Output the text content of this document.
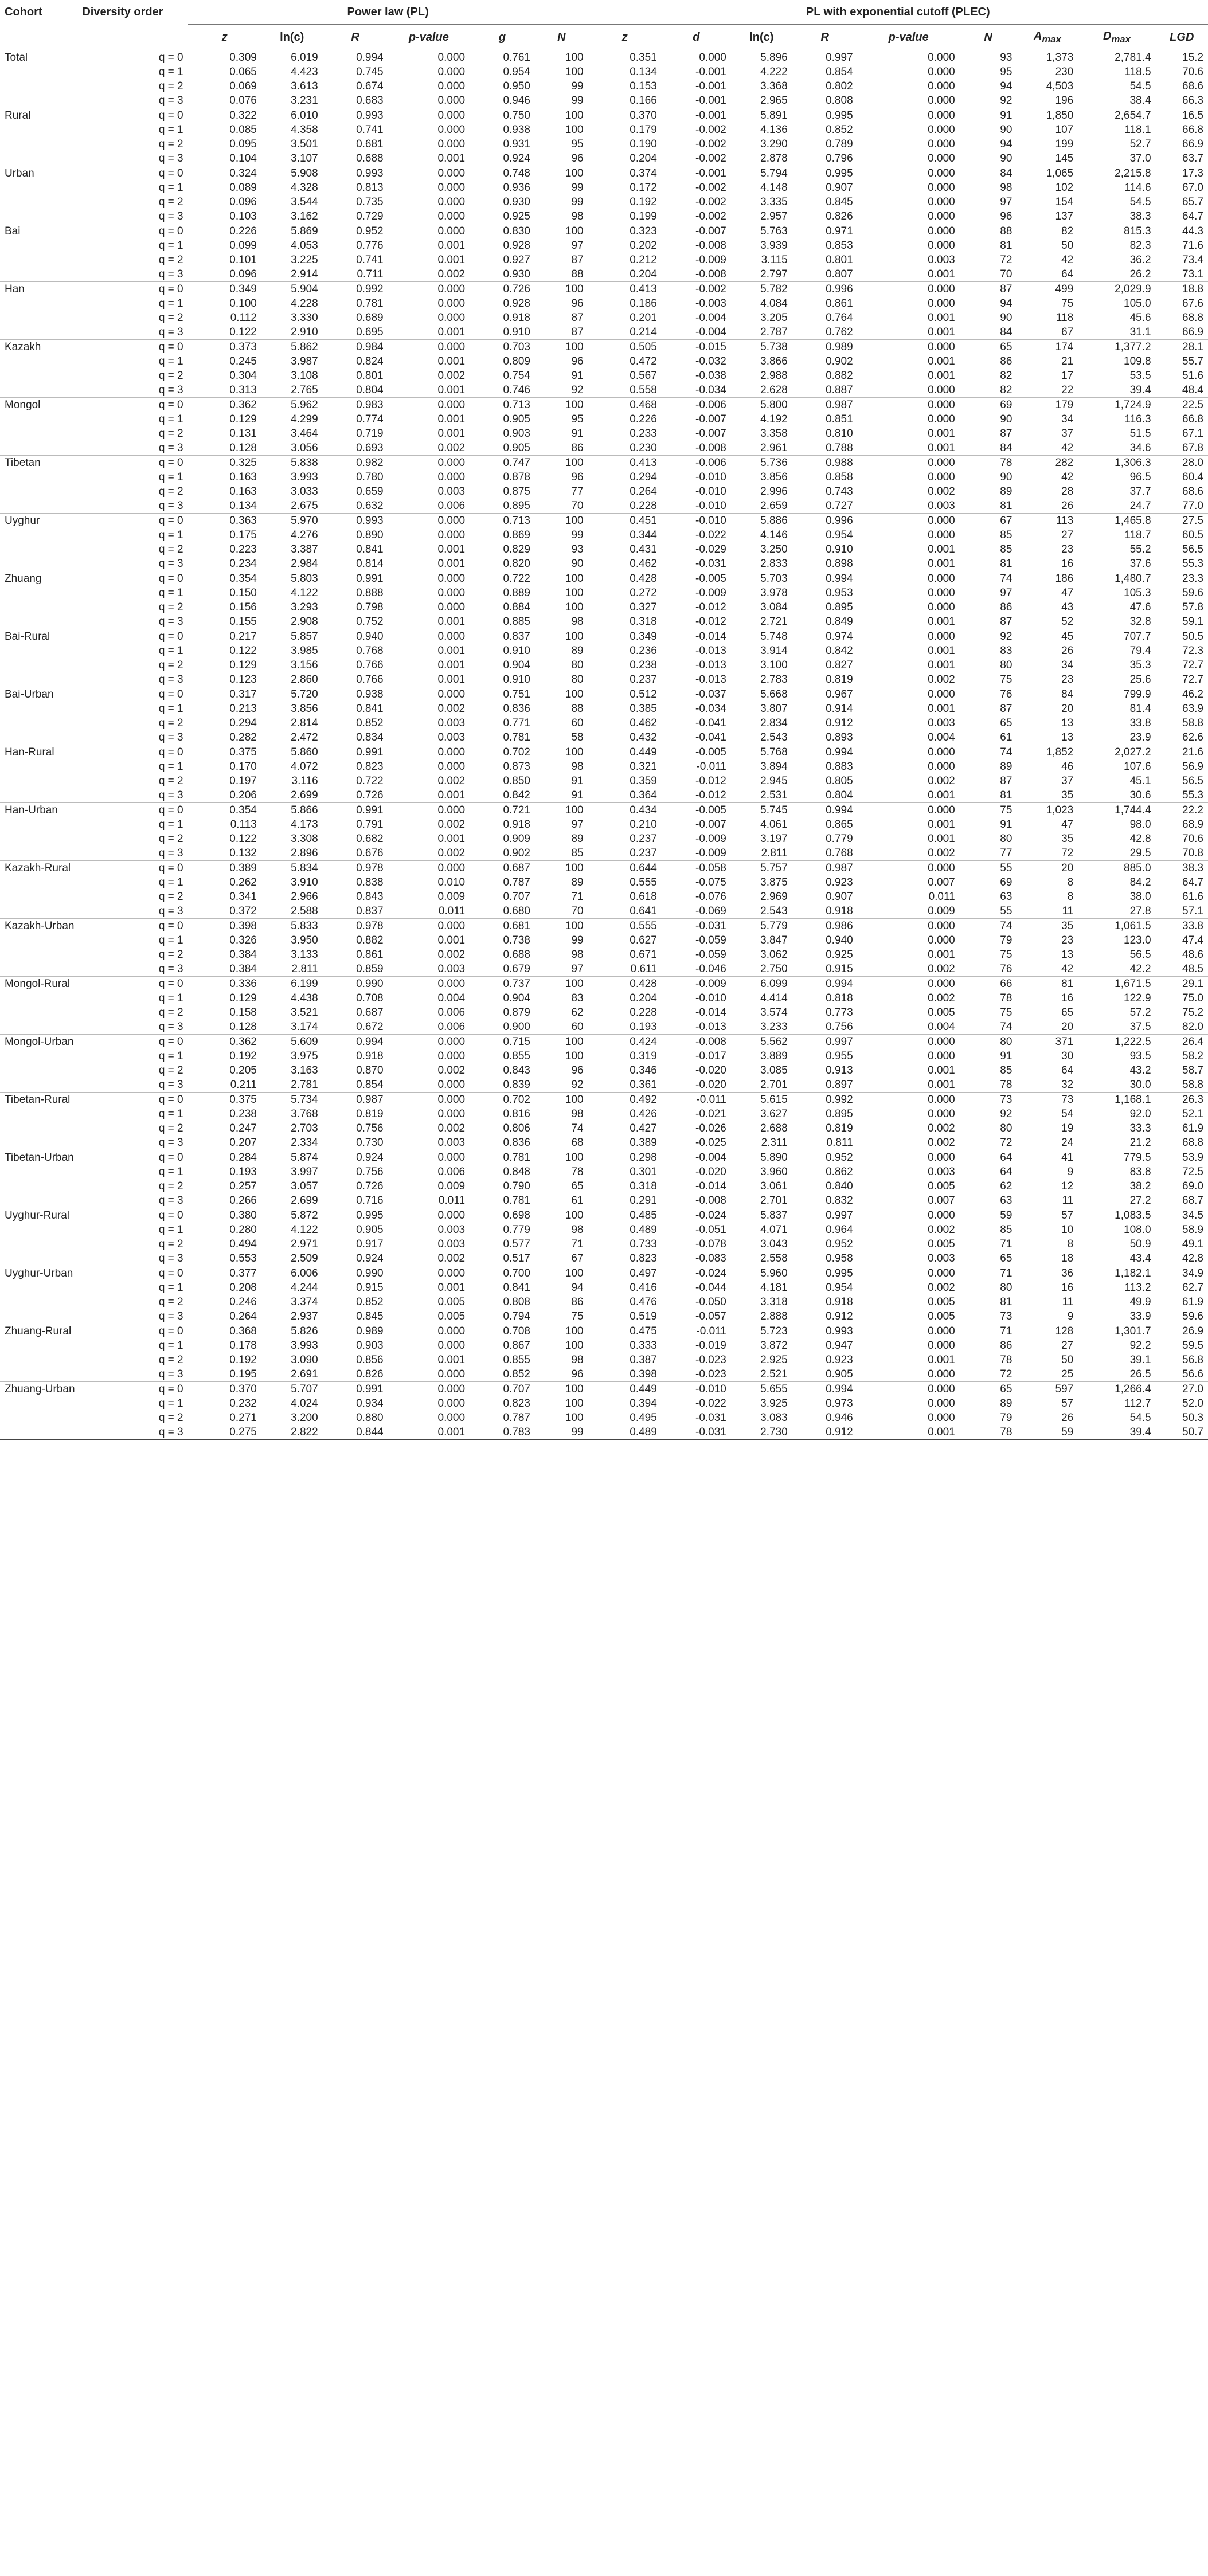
Cohort	Diversity order	Power law (PL)						PL with exponential cutoff (PLEC)								
		z	ln(c)	R	p-value	g	N	z	d	ln(c)	R	p-value	N	$A_{max}$	$D_{max}$	LGD
Total	q = 0	0.309	6.019	0.994	0.000	0.761	100	0.351	0.000	5.896	0.997	0.000	93	1,373	2,781.4	15.2
	q = 1	0.065	4.423	0.745	0.000	0.954	100	0.134	-0.001	4.222	0.854	0.000	95	230	118.5	70.6
	q = 2	0.069	3.613	0.674	0.000	0.950	99	0.153	-0.001	3.368	0.802	0.000	94	4,503	54.5	68.6
	q = 3	0.076	3.231	0.683	0.000	0.946	99	0.166	-0.001	2.965	0.808	0.000	92	196	38.4	66.3
Rural	q = 0	0.322	6.010	0.993	0.000	0.750	100	0.370	-0.001	5.891	0.995	0.000	91	1,850	2,654.7	16.5
	q = 1	0.085	4.358	0.741	0.000	0.938	100	0.179	-0.002	4.136	0.852	0.000	90	107	118.1	66.8
	q = 2	0.095	3.501	0.681	0.000	0.931	95	0.190	-0.002	3.290	0.789	0.000	94	199	52.7	66.9
	q = 3	0.104	3.107	0.688	0.001	0.924	96	0.204	-0.002	2.878	0.796	0.000	90	145	37.0	63.7
Urban	q = 0	0.324	5.908	0.993	0.000	0.748	100	0.374	-0.001	5.794	0.995	0.000	84	1,065	2,215.8	17.3
	q = 1	0.089	4.328	0.813	0.000	0.936	99	0.172	-0.002	4.148	0.907	0.000	98	102	114.6	67.0
	q = 2	0.096	3.544	0.735	0.000	0.930	99	0.192	-0.002	3.335	0.845	0.000	97	154	54.5	65.7
	q = 3	0.103	3.162	0.729	0.000	0.925	98	0.199	-0.002	2.957	0.826	0.000	96	137	38.3	64.7
Bai	q = 0	0.226	5.869	0.952	0.000	0.830	100	0.323	-0.007	5.763	0.971	0.000	88	82	815.3	44.3
	q = 1	0.099	4.053	0.776	0.001	0.928	97	0.202	-0.008	3.939	0.853	0.000	81	50	82.3	71.6
	q = 2	0.101	3.225	0.741	0.001	0.927	87	0.212	-0.009	3.115	0.801	0.003	72	42	36.2	73.4
	q = 3	0.096	2.914	0.711	0.002	0.930	88	0.204	-0.008	2.797	0.807	0.001	70	64	26.2	73.1
Han	q = 0	0.349	5.904	0.992	0.000	0.726	100	0.413	-0.002	5.782	0.996	0.000	87	499	2,029.9	18.8
	q = 1	0.100	4.228	0.781	0.000	0.928	96	0.186	-0.003	4.084	0.861	0.000	94	75	105.0	67.6
	q = 2	0.112	3.330	0.689	0.000	0.918	87	0.201	-0.004	3.205	0.764	0.001	90	118	45.6	68.8
	q = 3	0.122	2.910	0.695	0.001	0.910	87	0.214	-0.004	2.787	0.762	0.001	84	67	31.1	66.9
Kazakh	q = 0	0.373	5.862	0.984	0.000	0.703	100	0.505	-0.015	5.738	0.989	0.000	65	174	1,377.2	28.1
	q = 1	0.245	3.987	0.824	0.001	0.809	96	0.472	-0.032	3.866	0.902	0.001	86	21	109.8	55.7
	q = 2	0.304	3.108	0.801	0.002	0.754	91	0.567	-0.038	2.988	0.882	0.001	82	17	53.5	51.6
	q = 3	0.313	2.765	0.804	0.001	0.746	92	0.558	-0.034	2.628	0.887	0.000	82	22	39.4	48.4
Mongol	q = 0	0.362	5.962	0.983	0.000	0.713	100	0.468	-0.006	5.800	0.987	0.000	69	179	1,724.9	22.5
	q = 1	0.129	4.299	0.774	0.001	0.905	95	0.226	-0.007	4.192	0.851	0.000	90	34	116.3	66.8
	q = 2	0.131	3.464	0.719	0.001	0.903	91	0.233	-0.007	3.358	0.810	0.001	87	37	51.5	67.1
	q = 3	0.128	3.056	0.693	0.002	0.905	86	0.230	-0.008	2.961	0.788	0.001	84	42	34.6	67.8
Tibetan	q = 0	0.325	5.838	0.982	0.000	0.747	100	0.413	-0.006	5.736	0.988	0.000	78	282	1,306.3	28.0
	q = 1	0.163	3.993	0.780	0.000	0.878	96	0.294	-0.010	3.856	0.858	0.000	90	42	96.5	60.4
	q = 2	0.163	3.033	0.659	0.003	0.875	77	0.264	-0.010	2.996	0.743	0.002	89	28	37.7	68.6
	q = 3	0.134	2.675	0.632	0.006	0.895	70	0.228	-0.010	2.659	0.727	0.003	81	26	24.7	77.0
Uyghur	q = 0	0.363	5.970	0.993	0.000	0.713	100	0.451	-0.010	5.886	0.996	0.000	67	113	1,465.8	27.5
	q = 1	0.175	4.276	0.890	0.000	0.869	99	0.344	-0.022	4.146	0.954	0.000	85	27	118.7	60.5
	q = 2	0.223	3.387	0.841	0.001	0.829	93	0.431	-0.029	3.250	0.910	0.001	85	23	55.2	56.5
	q = 3	0.234	2.984	0.814	0.001	0.820	90	0.462	-0.031	2.833	0.898	0.001	81	16	37.6	55.3
Zhuang	q = 0	0.354	5.803	0.991	0.000	0.722	100	0.428	-0.005	5.703	0.994	0.000	74	186	1,480.7	23.3
	q = 1	0.150	4.122	0.888	0.000	0.889	100	0.272	-0.009	3.978	0.953	0.000	97	47	105.3	59.6
	q = 2	0.156	3.293	0.798	0.000	0.884	100	0.327	-0.012	3.084	0.895	0.000	86	43	47.6	57.8
	q = 3	0.155	2.908	0.752	0.001	0.885	98	0.318	-0.012	2.721	0.849	0.001	87	52	32.8	59.1
Bai-Rural	q = 0	0.217	5.857	0.940	0.000	0.837	100	0.349	-0.014	5.748	0.974	0.000	92	45	707.7	50.5
	q = 1	0.122	3.985	0.768	0.001	0.910	89	0.236	-0.013	3.914	0.842	0.001	83	26	79.4	72.3
	q = 2	0.129	3.156	0.766	0.001	0.904	80	0.238	-0.013	3.100	0.827	0.001	80	34	35.3	72.7
	q = 3	0.123	2.860	0.766	0.001	0.910	80	0.237	-0.013	2.783	0.819	0.002	75	23	25.6	72.7
Bai-Urban	q = 0	0.317	5.720	0.938	0.000	0.751	100	0.512	-0.037	5.668	0.967	0.000	76	84	799.9	46.2
	q = 1	0.213	3.856	0.841	0.002	0.836	88	0.385	-0.034	3.807	0.914	0.001	87	20	81.4	63.9
	q = 2	0.294	2.814	0.852	0.003	0.771	60	0.462	-0.041	2.834	0.912	0.003	65	13	33.8	58.8
	q = 3	0.282	2.472	0.834	0.003	0.781	58	0.432	-0.041	2.543	0.893	0.004	61	13	23.9	62.6
Han-Rural	q = 0	0.375	5.860	0.991	0.000	0.702	100	0.449	-0.005	5.768	0.994	0.000	74	1,852	2,027.2	21.6
	q = 1	0.170	4.072	0.823	0.000	0.873	98	0.321	-0.011	3.894	0.883	0.000	89	46	107.6	56.9
	q = 2	0.197	3.116	0.722	0.002	0.850	91	0.359	-0.012	2.945	0.805	0.002	87	37	45.1	56.5
	q = 3	0.206	2.699	0.726	0.001	0.842	91	0.364	-0.012	2.531	0.804	0.001	81	35	30.6	55.3
Han-Urban	q = 0	0.354	5.866	0.991	0.000	0.721	100	0.434	-0.005	5.745	0.994	0.000	75	1,023	1,744.4	22.2
	q = 1	0.113	4.173	0.791	0.002	0.918	97	0.210	-0.007	4.061	0.865	0.001	91	47	98.0	68.9
	q = 2	0.122	3.308	0.682	0.001	0.909	89	0.237	-0.009	3.197	0.779	0.001	80	35	42.8	70.6
	q = 3	0.132	2.896	0.676	0.002	0.902	85	0.237	-0.009	2.811	0.768	0.002	77	72	29.5	70.8
Kazakh-Rural	q = 0	0.389	5.834	0.978	0.000	0.687	100	0.644	-0.058	5.757	0.987	0.000	55	20	885.0	38.3
	q = 1	0.262	3.910	0.838	0.010	0.787	89	0.555	-0.075	3.875	0.923	0.007	69	8	84.2	64.7
	q = 2	0.341	2.966	0.843	0.009	0.707	71	0.618	-0.076	2.969	0.907	0.011	63	8	38.0	61.6
	q = 3	0.372	2.588	0.837	0.011	0.680	70	0.641	-0.069	2.543	0.918	0.009	55	11	27.8	57.1
Kazakh-Urban	q = 0	0.398	5.833	0.978	0.000	0.681	100	0.555	-0.031	5.779	0.986	0.000	74	35	1,061.5	33.8
	q = 1	0.326	3.950	0.882	0.001	0.738	99	0.627	-0.059	3.847	0.940	0.000	79	23	123.0	47.4
	q = 2	0.384	3.133	0.861	0.002	0.688	98	0.671	-0.059	3.062	0.925	0.001	75	13	56.5	48.6
	q = 3	0.384	2.811	0.859	0.003	0.679	97	0.611	-0.046	2.750	0.915	0.002	76	42	42.2	48.5
Mongol-Rural	q = 0	0.336	6.199	0.990	0.000	0.737	100	0.428	-0.009	6.099	0.994	0.000	66	81	1,671.5	29.1
	q = 1	0.129	4.438	0.708	0.004	0.904	83	0.204	-0.010	4.414	0.818	0.002	78	16	122.9	75.0
	q = 2	0.158	3.521	0.687	0.006	0.879	62	0.228	-0.014	3.574	0.773	0.005	75	65	57.2	75.2
	q = 3	0.128	3.174	0.672	0.006	0.900	60	0.193	-0.013	3.233	0.756	0.004	74	20	37.5	82.0
Mongol-Urban	q = 0	0.362	5.609	0.994	0.000	0.715	100	0.424	-0.008	5.562	0.997	0.000	80	371	1,222.5	26.4
	q = 1	0.192	3.975	0.918	0.000	0.855	100	0.319	-0.017	3.889	0.955	0.000	91	30	93.5	58.2
	q = 2	0.205	3.163	0.870	0.002	0.843	96	0.346	-0.020	3.085	0.913	0.001	85	64	43.2	58.7
	q = 3	0.211	2.781	0.854	0.000	0.839	92	0.361	-0.020	2.701	0.897	0.001	78	32	30.0	58.8
Tibetan-Rural	q = 0	0.375	5.734	0.987	0.000	0.702	100	0.492	-0.011	5.615	0.992	0.000	73	73	1,168.1	26.3
	q = 1	0.238	3.768	0.819	0.000	0.816	98	0.426	-0.021	3.627	0.895	0.000	92	54	92.0	52.1
	q = 2	0.247	2.703	0.756	0.002	0.806	74	0.427	-0.026	2.688	0.819	0.002	80	19	33.3	61.9
	q = 3	0.207	2.334	0.730	0.003	0.836	68	0.389	-0.025	2.311	0.811	0.002	72	24	21.2	68.8
Tibetan-Urban	q = 0	0.284	5.874	0.924	0.000	0.781	100	0.298	-0.004	5.890	0.952	0.000	64	41	779.5	53.9
	q = 1	0.193	3.997	0.756	0.006	0.848	78	0.301	-0.020	3.960	0.862	0.003	64	9	83.8	72.5
	q = 2	0.257	3.057	0.726	0.009	0.790	65	0.318	-0.014	3.061	0.840	0.005	62	12	38.2	69.0
	q = 3	0.266	2.699	0.716	0.011	0.781	61	0.291	-0.008	2.701	0.832	0.007	63	11	27.2	68.7
Uyghur-Rural	q = 0	0.380	5.872	0.995	0.000	0.698	100	0.485	-0.024	5.837	0.997	0.000	59	57	1,083.5	34.5
	q = 1	0.280	4.122	0.905	0.003	0.779	98	0.489	-0.051	4.071	0.964	0.002	85	10	108.0	58.9
	q = 2	0.494	2.971	0.917	0.003	0.577	71	0.733	-0.078	3.043	0.952	0.005	71	8	50.9	49.1
	q = 3	0.553	2.509	0.924	0.002	0.517	67	0.823	-0.083	2.558	0.958	0.003	65	18	43.4	42.8
Uyghur-Urban	q = 0	0.377	6.006	0.990	0.000	0.700	100	0.497	-0.024	5.960	0.995	0.000	71	36	1,182.1	34.9
	q = 1	0.208	4.244	0.915	0.001	0.841	94	0.416	-0.044	4.181	0.954	0.002	80	16	113.2	62.7
	q = 2	0.246	3.374	0.852	0.005	0.808	86	0.476	-0.050	3.318	0.918	0.005	81	11	49.9	61.9
	q = 3	0.264	2.937	0.845	0.005	0.794	75	0.519	-0.057	2.888	0.912	0.005	73	9	33.9	59.6
Zhuang-Rural	q = 0	0.368	5.826	0.989	0.000	0.708	100	0.475	-0.011	5.723	0.993	0.000	71	128	1,301.7	26.9
	q = 1	0.178	3.993	0.903	0.000	0.867	100	0.333	-0.019	3.872	0.947	0.000	86	27	92.2	59.5
	q = 2	0.192	3.090	0.856	0.001	0.855	98	0.387	-0.023	2.925	0.923	0.001	78	50	39.1	56.8
	q = 3	0.195	2.691	0.826	0.000	0.852	96	0.398	-0.023	2.521	0.905	0.000	72	25	26.5	56.6
Zhuang-Urban	q = 0	0.370	5.707	0.991	0.000	0.707	100	0.449	-0.010	5.655	0.994	0.000	65	597	1,266.4	27.0
	q = 1	0.232	4.024	0.934	0.000	0.823	100	0.394	-0.022	3.925	0.973	0.000	89	57	112.7	52.0
	q = 2	0.271	3.200	0.880	0.000	0.787	100	0.495	-0.031	3.083	0.946	0.000	79	26	54.5	50.3
	q = 3	0.275	2.822	0.844	0.001	0.783	99	0.489	-0.031	2.730	0.912	0.001	78	59	39.4	50.7
